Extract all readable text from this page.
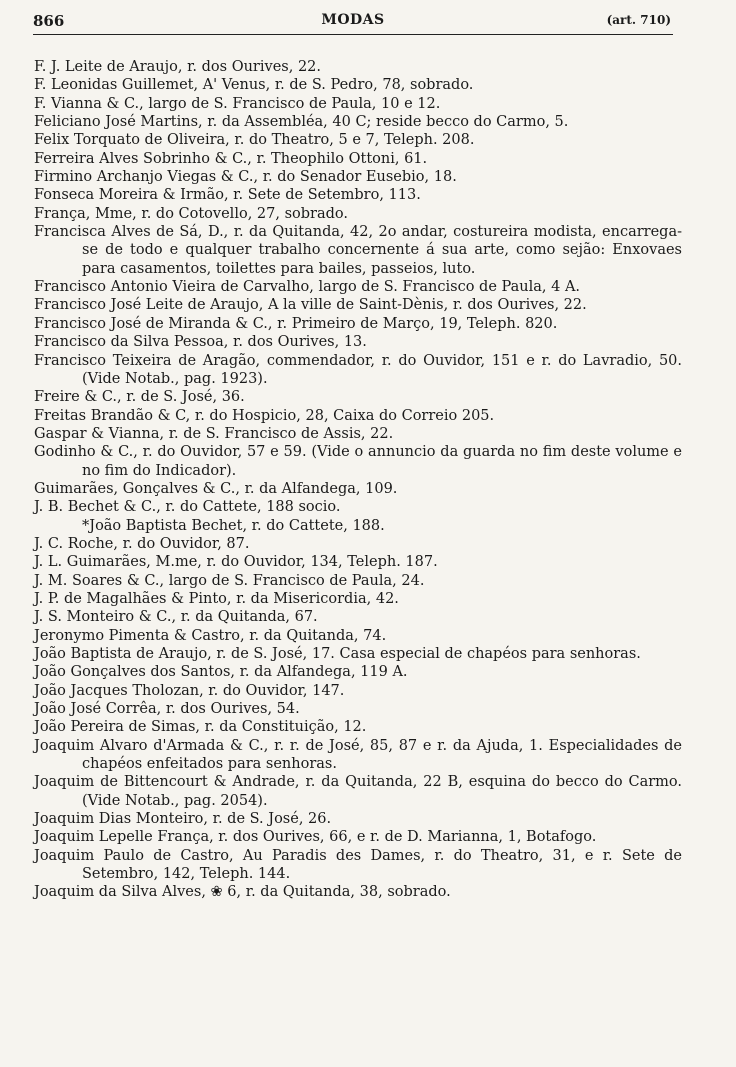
866	MODAS	(art. 710)
F. J. Leite de Araujo, r. dos Ourives, 22.
F. Leonidas Guillemet, A' Venus, r. de S. Pedro, 78, sobrado.
F. Vianna & C., largo de S. Francisco de Paula, 10 e 12.
Feliciano José Martins, r. da Assembléa, 40 C; reside becco do Carmo, 5.
Felix Torquato de Oliveira, r. do Theatro, 5 e 7, Teleph. 208.
Ferreira Alves Sobrinho & C., r. Theophilo Ottoni, 61.
Firmino Archanjo Viegas & C., r. do Senador Eusebio, 18.
Fonseca Moreira & Irmão, r. Sete de Setembro, 113.
França, Mme, r. do Cotovello, 27, sobrado.
Francisca Alves de Sá, D., r. da Quitanda, 42, 2o andar, costureira modista, encarrega-se de todo e qualquer trabalho concernente á sua arte, como sejão: Enxovaes para casamentos, toilettes para bailes, passeios, luto.
Francisco Antonio Vieira de Carvalho, largo de S. Francisco de Paula, 4 A.
Francisco José Leite de Araujo, A la ville de Saint-Dènis, r. dos Ourives, 22.
Francisco José de Miranda & C., r. Primeiro de Março, 19, Teleph. 820.
Francisco da Silva Pessoa, r. dos Ourives, 13.
Francisco Teixeira de Aragão, commendador, r. do Ouvidor, 151 e r. do Lavradio, 50. (Vide Notab., pag. 1923).
Freire & C., r. de S. José, 36.
Freitas Brandão & C, r. do Hospicio, 28, Caixa do Correio 205.
Gaspar & Vianna, r. de S. Francisco de Assis, 22.
Godinho & C., r. do Ouvidor, 57 e 59. (Vide o annuncio da guarda no fim deste volume e no fim do Indicador).
Guimarães, Gonçalves & C., r. da Alfandega, 109.
J. B. Bechet & C., r. do Cattete, 188 socio.
*João Baptista Bechet, r. do Cattete, 188.
J. C. Roche, r. do Ouvidor, 87.
J. L. Guimarães, M.me, r. do Ouvidor, 134, Teleph. 187.
J. M. Soares & C., largo de S. Francisco de Paula, 24.
J. P. de Magalhães & Pinto, r. da Misericordia, 42.
J. S. Monteiro & C., r. da Quitanda, 67.
Jeronymo Pimenta & Castro, r. da Quitanda, 74.
João Baptista de Araujo, r. de S. José, 17. Casa especial de chapéos para senhoras.
João Gonçalves dos Santos, r. da Alfandega, 119 A.
João Jacques Tholozan, r. do Ouvidor, 147.
João José Corrêa, r. dos Ourives, 54.
João Pereira de Simas, r. da Constituição, 12.
Joaquim Alvaro d'Armada & C., r. r. de José, 85, 87 e r. da Ajuda, 1. Especialidades de chapéos enfeitados para senhoras.
Joaquim de Bittencourt & Andrade, r. da Quitanda, 22 B, esquina do becco do Carmo. (Vide Notab., pag. 2054).
Joaquim Dias Monteiro, r. de S. José, 26.
Joaquim Lepelle França, r. dos Ourives, 66, e r. de D. Marianna, 1, Botafogo.
Joaquim Paulo de Castro, Au Paradis des Dames, r. do Theatro, 31, e r. Sete de Setembro, 142, Teleph. 144.
Joaquim da Silva Alves, ❀ 6, r. da Quitanda, 38, sobrado.
